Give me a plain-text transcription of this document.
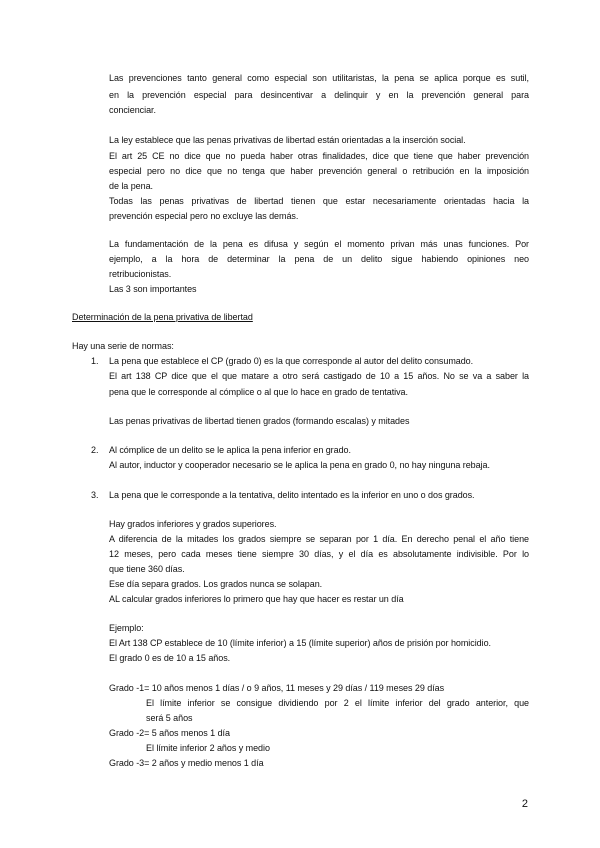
Las prevenciones tanto general como especial son utilitaristas, la pena se aplica porque es sutil,
en la prevención especial para desincentivar a delinquir y en la prevención general para
concienciar.
La ley establece que las penas privativas de libertad están orientadas a la inserción social.
El art 25 CE no dice que no pueda haber otras finalidades, dice que tiene que haber prevención
especial pero no dice que no tenga que haber prevención general o retribución en la imposición
de la pena.
Todas las penas privativas de libertad tienen que estar necesariamente orientadas hacia la
prevención especial pero no excluye las demás.
La fundamentación de la pena es difusa y según el momento privan más unas funciones. Por
ejemplo, a la hora de determinar la pena de un delito sigue habiendo opiniones neo
retribucionistas.
Las 3 son importantes
Determinación de la pena privativa de libertad
Hay una serie de normas:
1. La pena que establece el CP (grado 0) es la que corresponde al autor del delito consumado.
El art 138 CP dice que el que matare a otro será castigado de 10 a 15 años. No se va a saber la
pena que le corresponde al cómplice o al que lo hace en grado de tentativa.
Las penas privativas de libertad tienen grados (formando escalas) y mitades
2. Al cómplice de un delito se le aplica la pena inferior en grado.
Al autor, inductor y cooperador necesario se le aplica la pena en grado 0, no hay ninguna rebaja.
3. La pena que le corresponde a la tentativa, delito intentado es la inferior en uno o dos grados.
Hay grados inferiores y grados superiores.
A diferencia de la mitades los grados siempre se separan por 1 día. En derecho penal el año tiene
12 meses, pero cada meses tiene siempre 30 días, y el día es absolutamente indivisible. Por lo
que tiene 360 días.
Ese día separa grados. Los grados nunca se solapan.
AL calcular grados inferiores lo primero que hay que hacer es restar un día
Ejemplo:
El Art 138 CP establece de 10 (límite inferior) a 15 (límite superior) años de prisión por homicidio.
El grado 0 es de 10 a 15 años.
Grado -1= 10 años menos 1 días / o 9 años, 11 meses y 29 días / 119 meses 29 días
El límite inferior se consigue dividiendo por 2 el límite inferior del grado anterior, que
será 5 años
Grado -2= 5 años menos 1 día
El límite inferior 2 años y medio
Grado -3= 2 años y medio menos 1 día
2
